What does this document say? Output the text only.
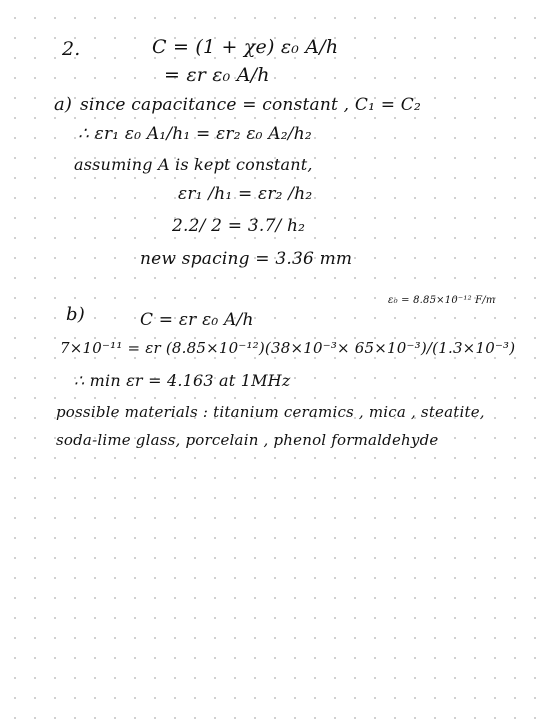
2.	C = (1 + χe) ε₀ A/h
= εr ε₀ A/h
a) since capacitance = constant , C₁ = C₂
∴ εr₁ ε₀ A₁/h₁ = εr₂ ε₀ A₂/h₂
assuming A is kept constant,
εr₁ /h₁ = εr₂ /h₂
2.2/ 2 = 3.7/ h₂
new spacing = 3.36 mm
ε₀ = 8.85×10⁻¹² F/m
b)	C = εr ε₀ A/h
7×10⁻¹¹ = εr (8.85×10⁻¹²)(38×10⁻³× 65×10⁻³)/(1.3×10⁻³)
∴ min εr = 4.163 at 1MHz
possible materials : titanium ceramics , mica , steatite,
soda-lime glass, porcelain , phenol formaldehyde
